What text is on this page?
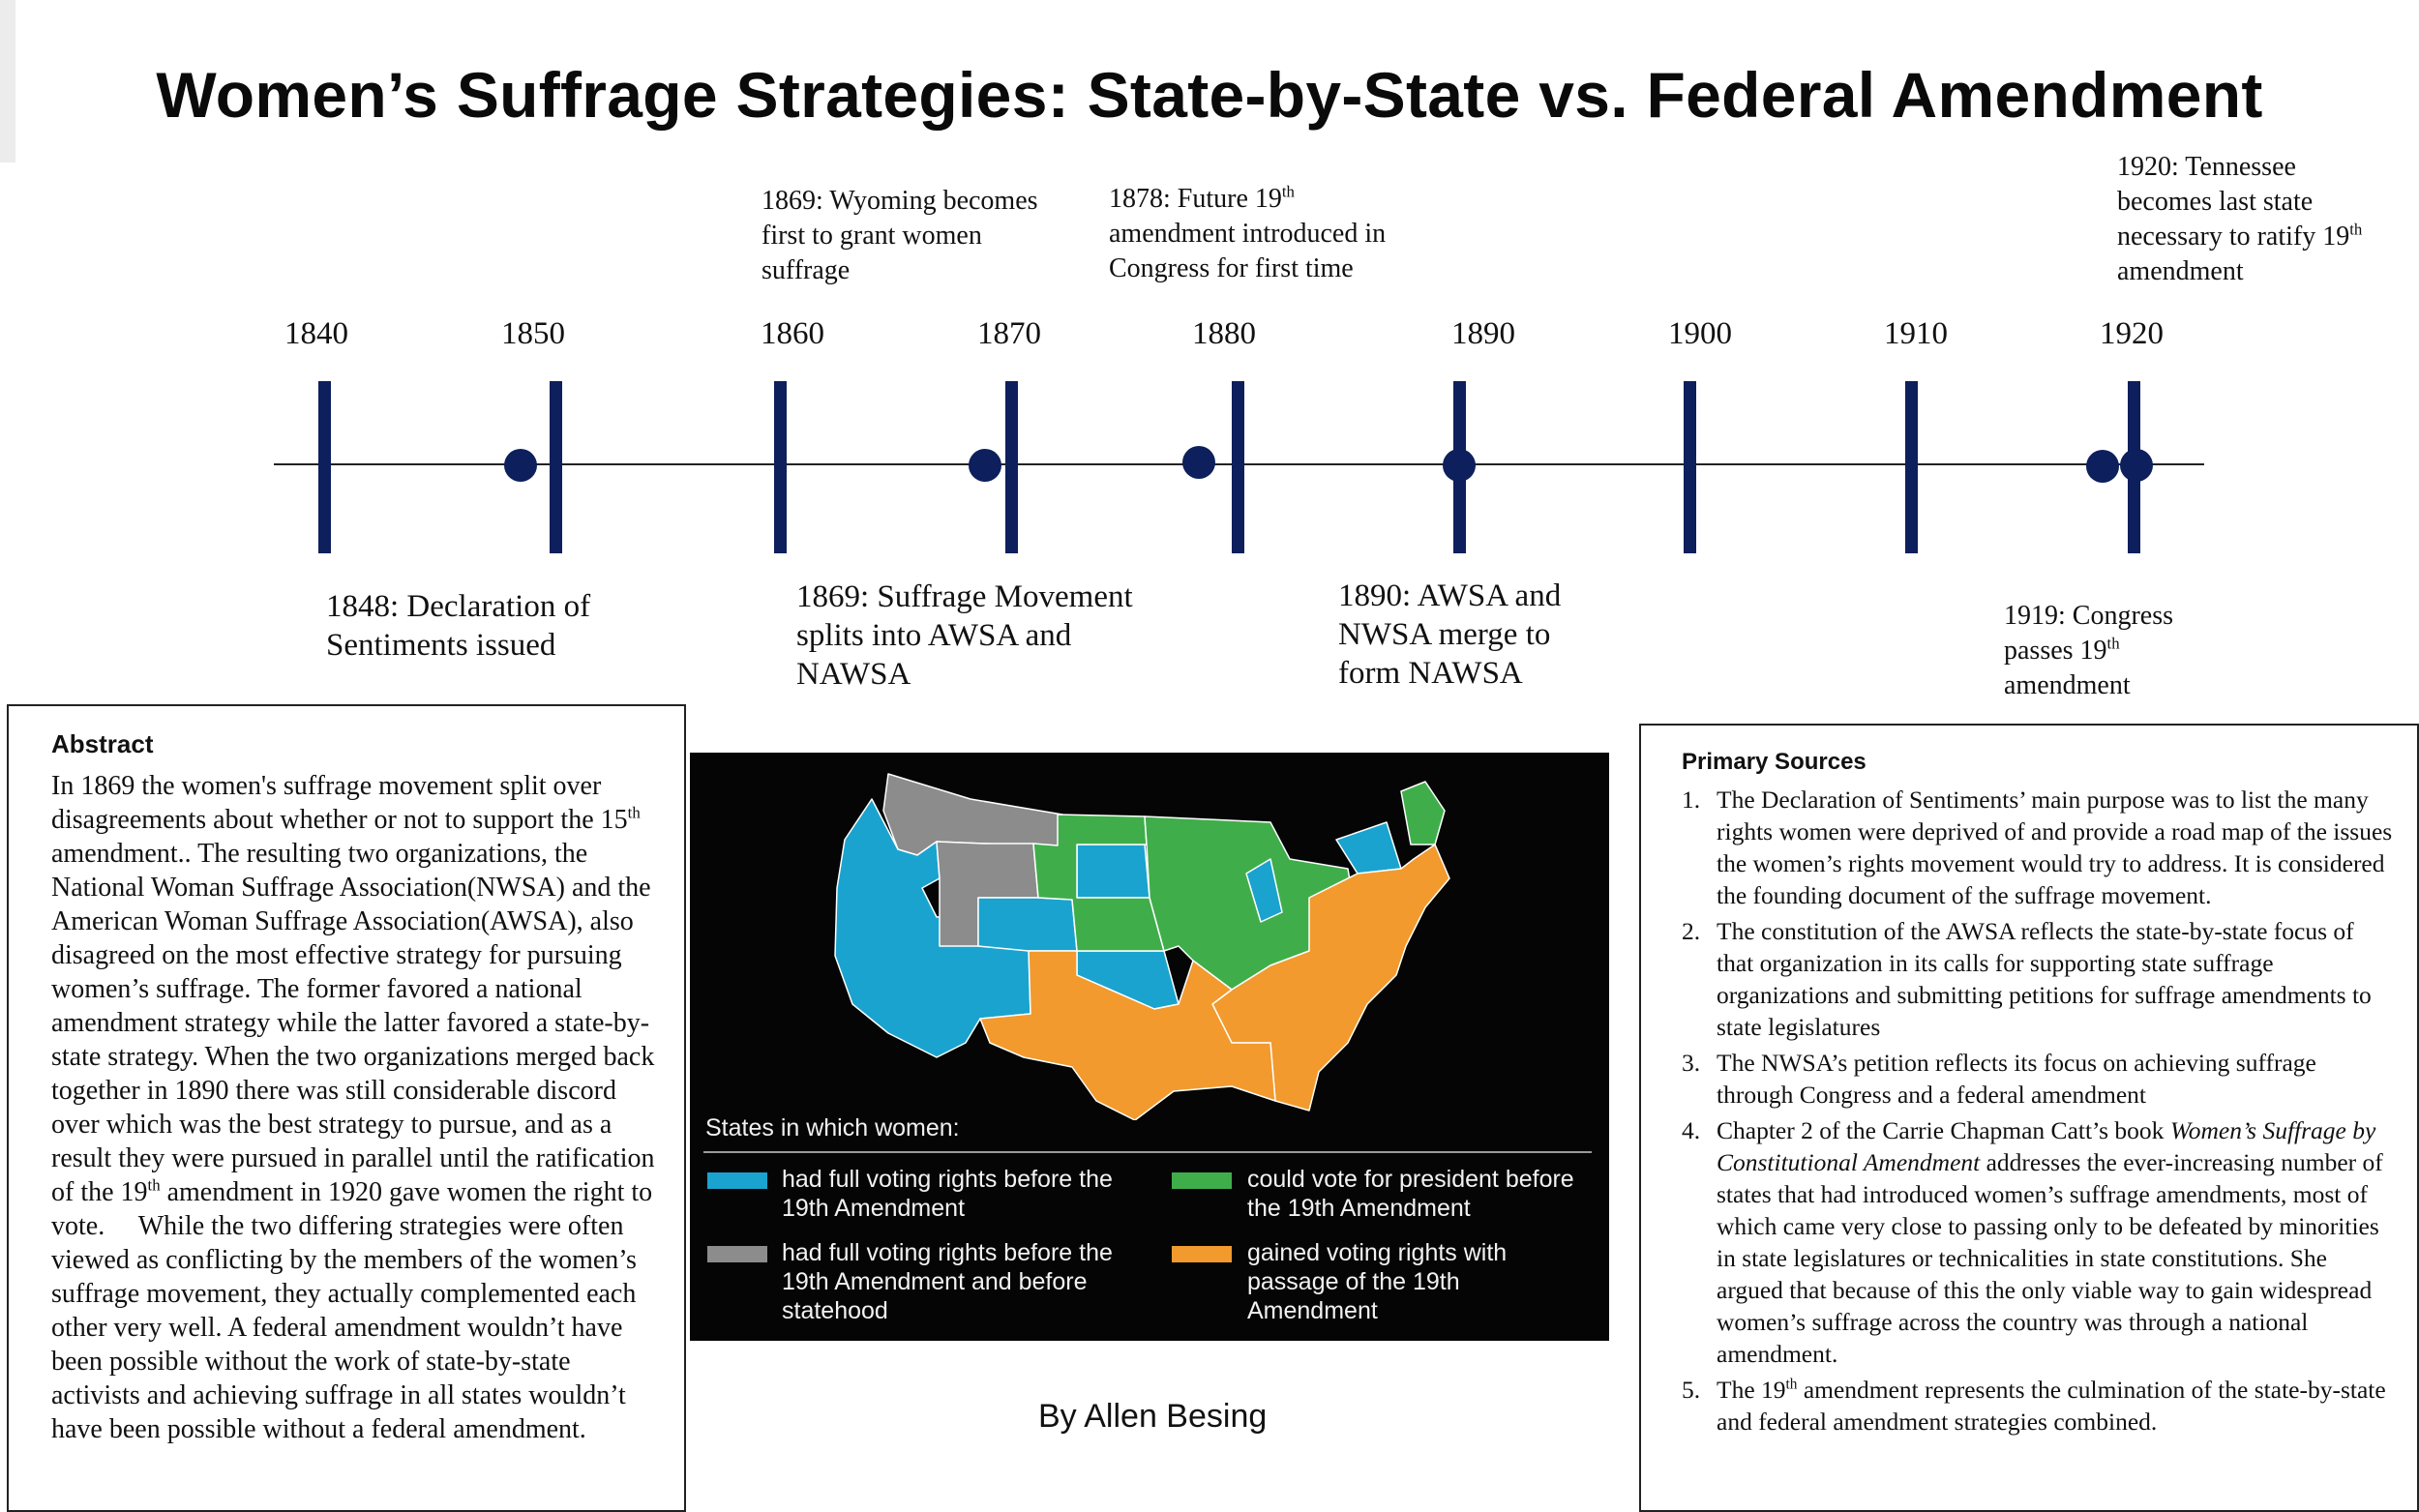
Women’s Suffrage Strategies: State-by-State vs. Federal Amendment
1840	1850	1860	1870	1880	1890	1900	1910	1920
1869: Wyoming becomes first to grant women suffrage
1878: Future 19th amendment introduced in Congress for first time
1920: Tennessee becomes last state necessary to ratify 19th amendment
1848: Declaration of Sentiments issued
1869: Suffrage Movement splits into AWSA and NAWSA
1890: AWSA and NWSA merge to form NAWSA
1919: Congress passes 19th amendment
Abstract
In 1869 the women's suffrage movement split over disagreements about whether or not to support the 15th amendment.. The resulting two organizations, the National Woman Suffrage Association(NWSA) and the American Woman Suffrage Association(AWSA), also disagreed on the most effective strategy for pursuing women’s suffrage. The former favored a national amendment strategy while the latter favored a state-by-state strategy. When the two organizations merged back together in 1890 there was still considerable discord over which was the best strategy to pursue, and as a result they were pursued in parallel until the ratification of the 19th amendment in 1920 gave women the right to vote.     While the two differing strategies were often viewed as conflicting by the members of the women’s suffrage movement, they actually complemented each other very well. A federal amendment wouldn’t have been possible without the work of state-by-state activists and achieving suffrage in all states wouldn’t have been possible without a federal amendment.
States in which women:
had full voting rights before the 19th Amendment
could vote for president before the 19th Amendment
had full voting rights before the 19th Amendment and before statehood
gained voting rights with passage of the 19th Amendment
By Allen Besing
Primary Sources
1. The Declaration of Sentiments’ main purpose was to list the many rights women were deprived of and provide a road map of the issues the women’s rights movement would try to address. It is considered the founding document of the suffrage movement.
2. The constitution of the AWSA reflects the state-by-state focus of that organization in its calls for supporting state suffrage organizations and submitting petitions for suffrage amendments to state legislatures
3. The NWSA’s petition reflects its focus on achieving suffrage through Congress and a federal amendment
4. Chapter 2 of the Carrie Chapman Catt’s book Women’s Suffrage by Constitutional Amendment addresses the ever-increasing number of states that had introduced women’s suffrage amendments, most of which came very close to passing only to be defeated by minorities in state legislatures or technicalities in state constitutions. She argued that because of this the only viable way to gain widespread women’s suffrage across the country was through a national amendment.
5. The 19th amendment represents the culmination of the state-by-state and federal amendment strategies combined.
